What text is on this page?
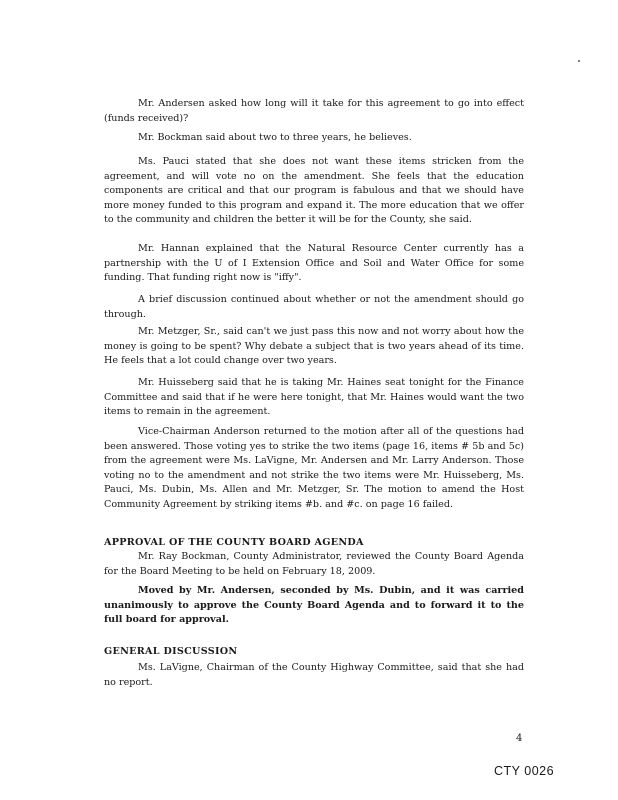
Mr. Andersen asked how long will it take for this agreement to go into effect (funds received)?

Mr. Bockman said about two to three years, he believes.

Ms. Pauci stated that she does not want these items stricken from the agreement, and will vote no on the amendment. She feels that the education components are critical and that our program is fabulous and that we should have more money funded to this program and expand it. The more education that we offer to the community and children the better it will be for the County, she said.

Mr. Hannan explained that the Natural Resource Center currently has a partnership with the U of I Extension Office and Soil and Water Office for some funding. That funding right now is "iffy".

A brief discussion continued about whether or not the amendment should go through.

Mr. Metzger, Sr., said can't we just pass this now and not worry about how the money is going to be spent? Why debate a subject that is two years ahead of its time. He feels that a lot could change over two years.

Mr. Huisseberg said that he is taking Mr. Haines seat tonight for the Finance Committee and said that if he were here tonight, that Mr. Haines would want the two items to remain in the agreement.

Vice-Chairman Anderson returned to the motion after all of the questions had been answered. Those voting yes to strike the two items (page 16, items # 5b and 5c) from the agreement were Ms. LaVigne, Mr. Andersen and Mr. Larry Anderson. Those voting no to the amendment and not strike the two items were Mr. Huisseberg, Ms. Pauci, Ms. Dubin, Ms. Allen and Mr. Metzger, Sr. The motion to amend the Host Community Agreement by striking items #b. and #c. on page 16 failed.

APPROVAL OF THE COUNTY BOARD AGENDA

Mr. Ray Bockman, County Administrator, reviewed the County Board Agenda for the Board Meeting to be held on February 18, 2009.

Moved by Mr. Andersen, seconded by Ms. Dubin, and it was carried unanimously to approve the County Board Agenda and to forward it to the full board for approval.

GENERAL DISCUSSION

Ms. LaVigne, Chairman of the County Highway Committee, said that she had no report.

4

CTY 0026
